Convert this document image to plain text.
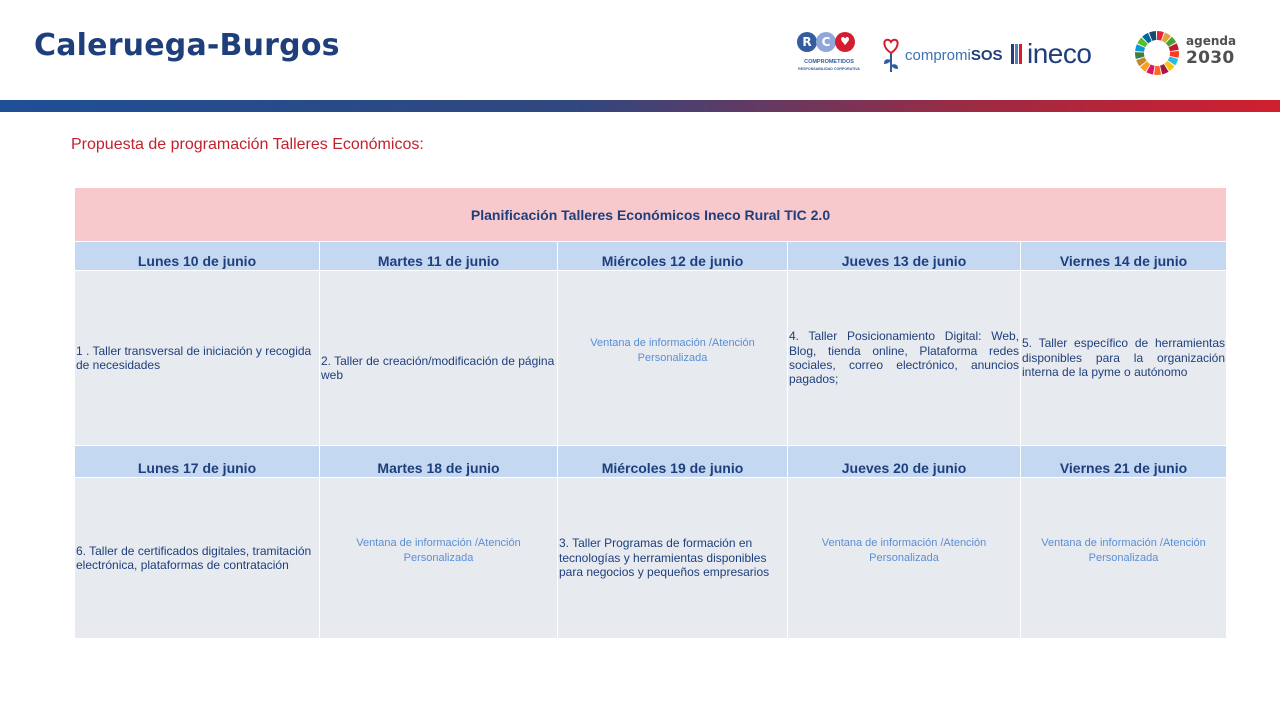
Caleruega-Burgos	R C ♥
COMPROMETIDOS
RESPONSABILIDAD CORPORATIVA
compromiSOS ineco	agenda
2030

Propuesta de programación Talleres Económicos:

Planificación Talleres Económicos Ineco Rural TIC 2.0				
Lunes 10 de junio	Martes 11 de junio	Miércoles 12 de junio	Jueves 13 de junio	Viernes 14 de junio

1 . Taller transversal de iniciación y recogida de necesidades	2. Taller de creación/modificación de página web	Ventana de información /Atención Personalizada	4. Taller Posicionamiento Digital: Web, Blog, tienda online, Plataforma redes sociales, correo electrónico, anuncios pagados;	5. Taller específico de herramientas disponibles para la organización interna de la pyme o autónomo

Lunes 17 de junio	Martes 18 de junio	Miércoles 19 de junio	Jueves 20 de junio	Viernes 21 de junio

6. Taller de certificados digitales, tramitación electrónica, plataformas de contratación	Ventana de información /Atención Personalizada	3. Taller Programas de formación en tecnologías y herramientas disponibles para negocios y pequeños empresarios	Ventana de información /Atención Personalizada	Ventana de información /Atención Personalizada
